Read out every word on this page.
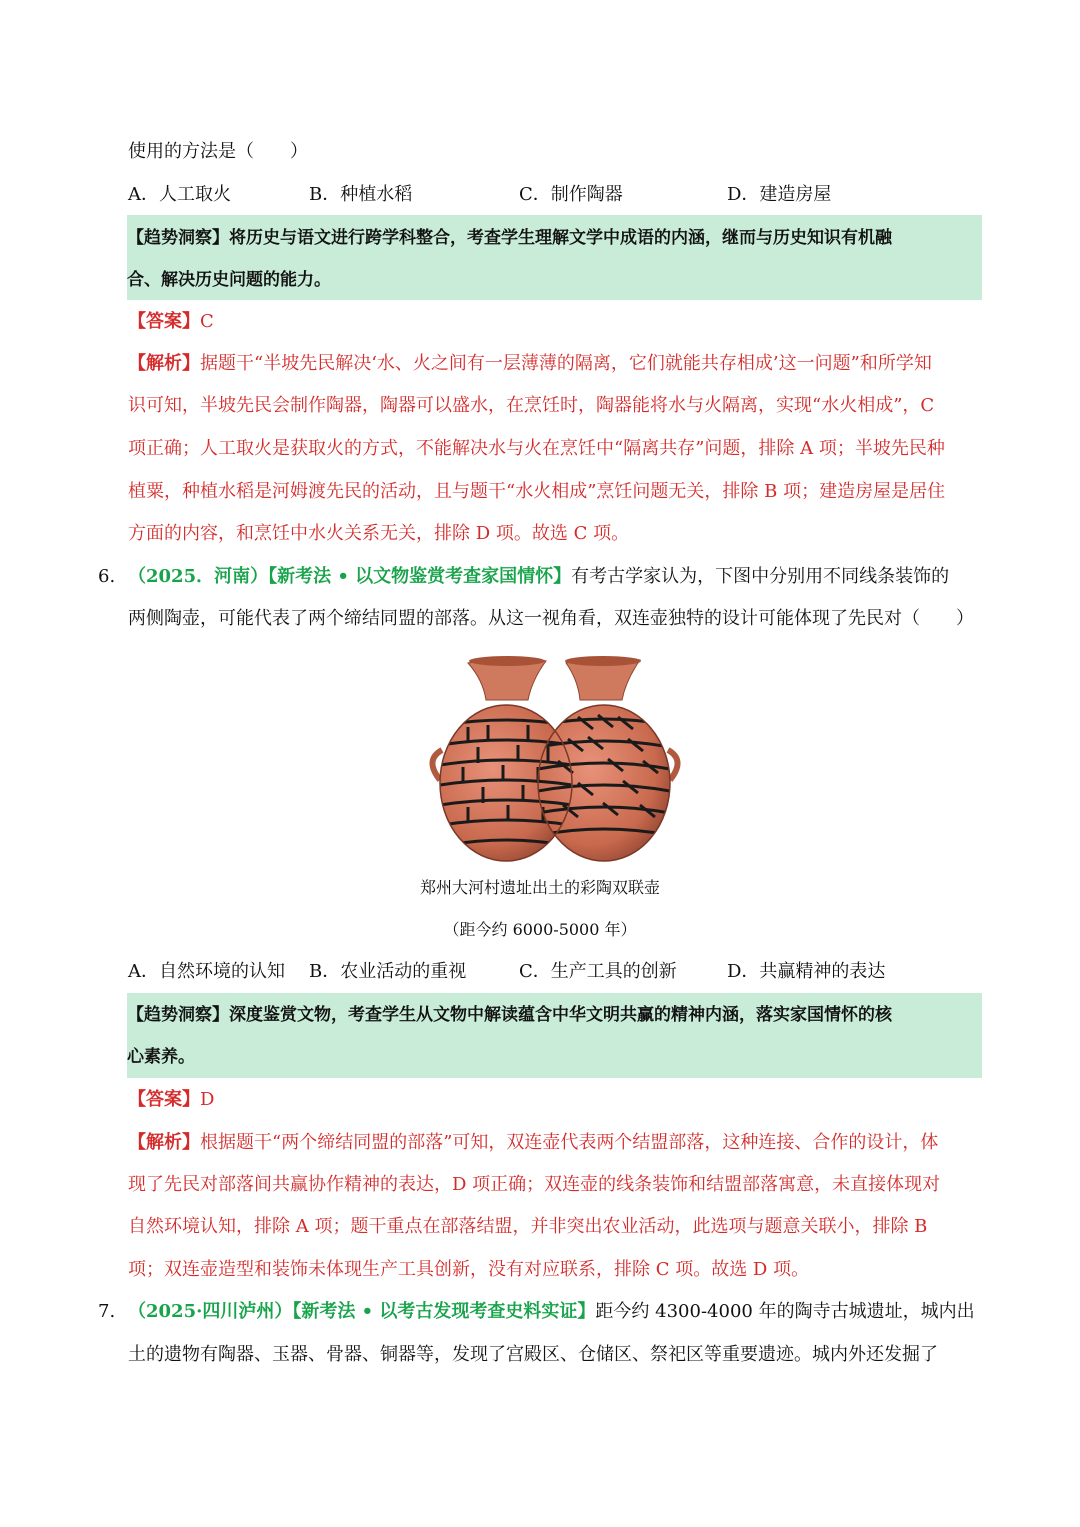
使用的方法是（　　）
A．人工取火	B．种植水稻	C．制作陶器	D．建造房屋
【趋势洞察】将历史与语文进行跨学科整合，考查学生理解文学中成语的内涵，继而与历史知识有机融
合、解决历史问题的能力。
【答案】C
【解析】据题干“半坡先民解决‘水、火之间有一层薄薄的隔离，它们就能共存相成’这一问题”和所学知
识可知，半坡先民会制作陶器，陶器可以盛水，在烹饪时，陶器能将水与火隔离，实现“水火相成”，C
项正确；人工取火是获取火的方式，不能解决水与火在烹饪中“隔离共存”问题，排除 A 项；半坡先民种
植粟，种植水稻是河姆渡先民的活动，且与题干“水火相成”烹饪问题无关，排除 B 项；建造房屋是居住
方面的内容，和烹饪中水火关系无关，排除 D 项。故选 C 项。
6. （2025．河南）【新考法 • 以文物鉴赏考查家国情怀】有考古学家认为，下图中分别用不同线条装饰的
两侧陶壶，可能代表了两个缔结同盟的部落。从这一视角看，双连壶独特的设计可能体现了先民对（　　）
郑州大河村遗址出土的彩陶双联壶
（距今约 6000-5000 年）
A．自然环境的认知 B．农业活动的重视	C．生产工具的创新	D．共赢精神的表达
【趋势洞察】深度鉴赏文物，考查学生从文物中解读蕴含中华文明共赢的精神内涵，落实家国情怀的核
心素养。
【答案】D
【解析】根据题干“两个缔结同盟的部落”可知，双连壶代表两个结盟部落，这种连接、合作的设计，体
现了先民对部落间共赢协作精神的表达，D 项正确；双连壶的线条装饰和结盟部落寓意，未直接体现对
自然环境认知，排除 A 项；题干重点在部落结盟，并非突出农业活动，此选项与题意关联小，排除 B
项；双连壶造型和装饰未体现生产工具创新，没有对应联系，排除 C 项。故选 D 项。
7. （2025·四川泸州）【新考法 • 以考古发现考查史料实证】距今约 4300-4000 年的陶寺古城遗址，城内出
土的遗物有陶器、玉器、骨器、铜器等，发现了宫殿区、仓储区、祭祀区等重要遗迹。城内外还发掘了
